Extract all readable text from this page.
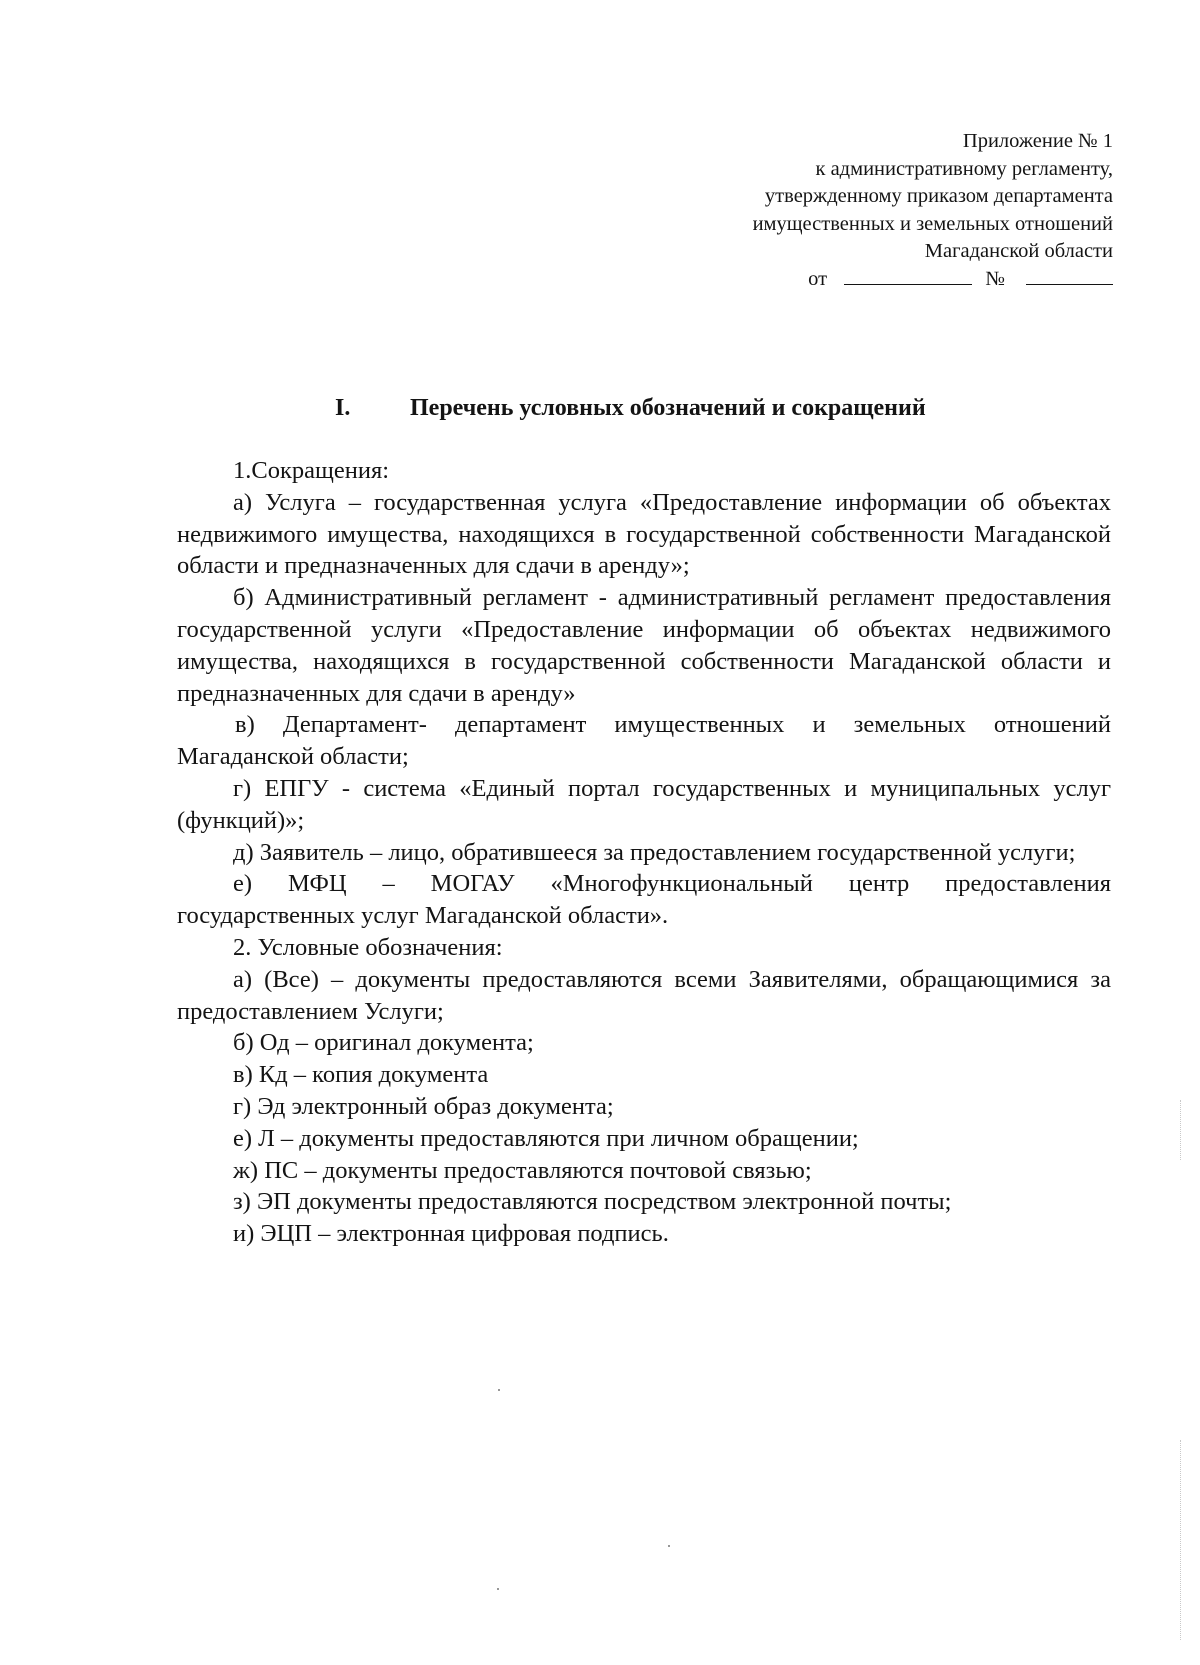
Приложение № 1
к административному регламенту,
утвержденному приказом департамента
имущественных и земельных отношений
Магаданской области
от	№
I. Перечень условных обозначений и сокращений

1.Сокращения:

а) Услуга – государственная услуга «Предоставление информации об объектах недвижимого имущества, находящихся в государственной собственности Магаданской области и предназначенных для сдачи в аренду»;

б) Административный регламент - административный регламент предоставления государственной услуги «Предоставление информации об объектах недвижимого имущества, находящихся в государственной собственности Магаданской области и предназначенных для сдачи в аренду»

в) Департамент- департамент имущественных и земельных отношений Магаданской области;

г) ЕПГУ - система «Единый портал государственных и муниципальных услуг (функций)»;

д) Заявитель – лицо, обратившееся за предоставлением государственной услуги;

е) МФЦ – МОГАУ «Многофункциональный центр предоставления государственных услуг Магаданской области».

2. Условные обозначения:

а) (Все) – документы предоставляются всеми Заявителями, обращающимися за предоставлением Услуги;

б) Од – оригинал документа;

в) Кд – копия документа

г) Эд электронный образ документа;

е) Л – документы предоставляются при личном обращении;

ж) ПС – документы предоставляются почтовой связью;

з) ЭП документы предоставляются посредством электронной почты;

и) ЭЦП – электронная цифровая подпись.
